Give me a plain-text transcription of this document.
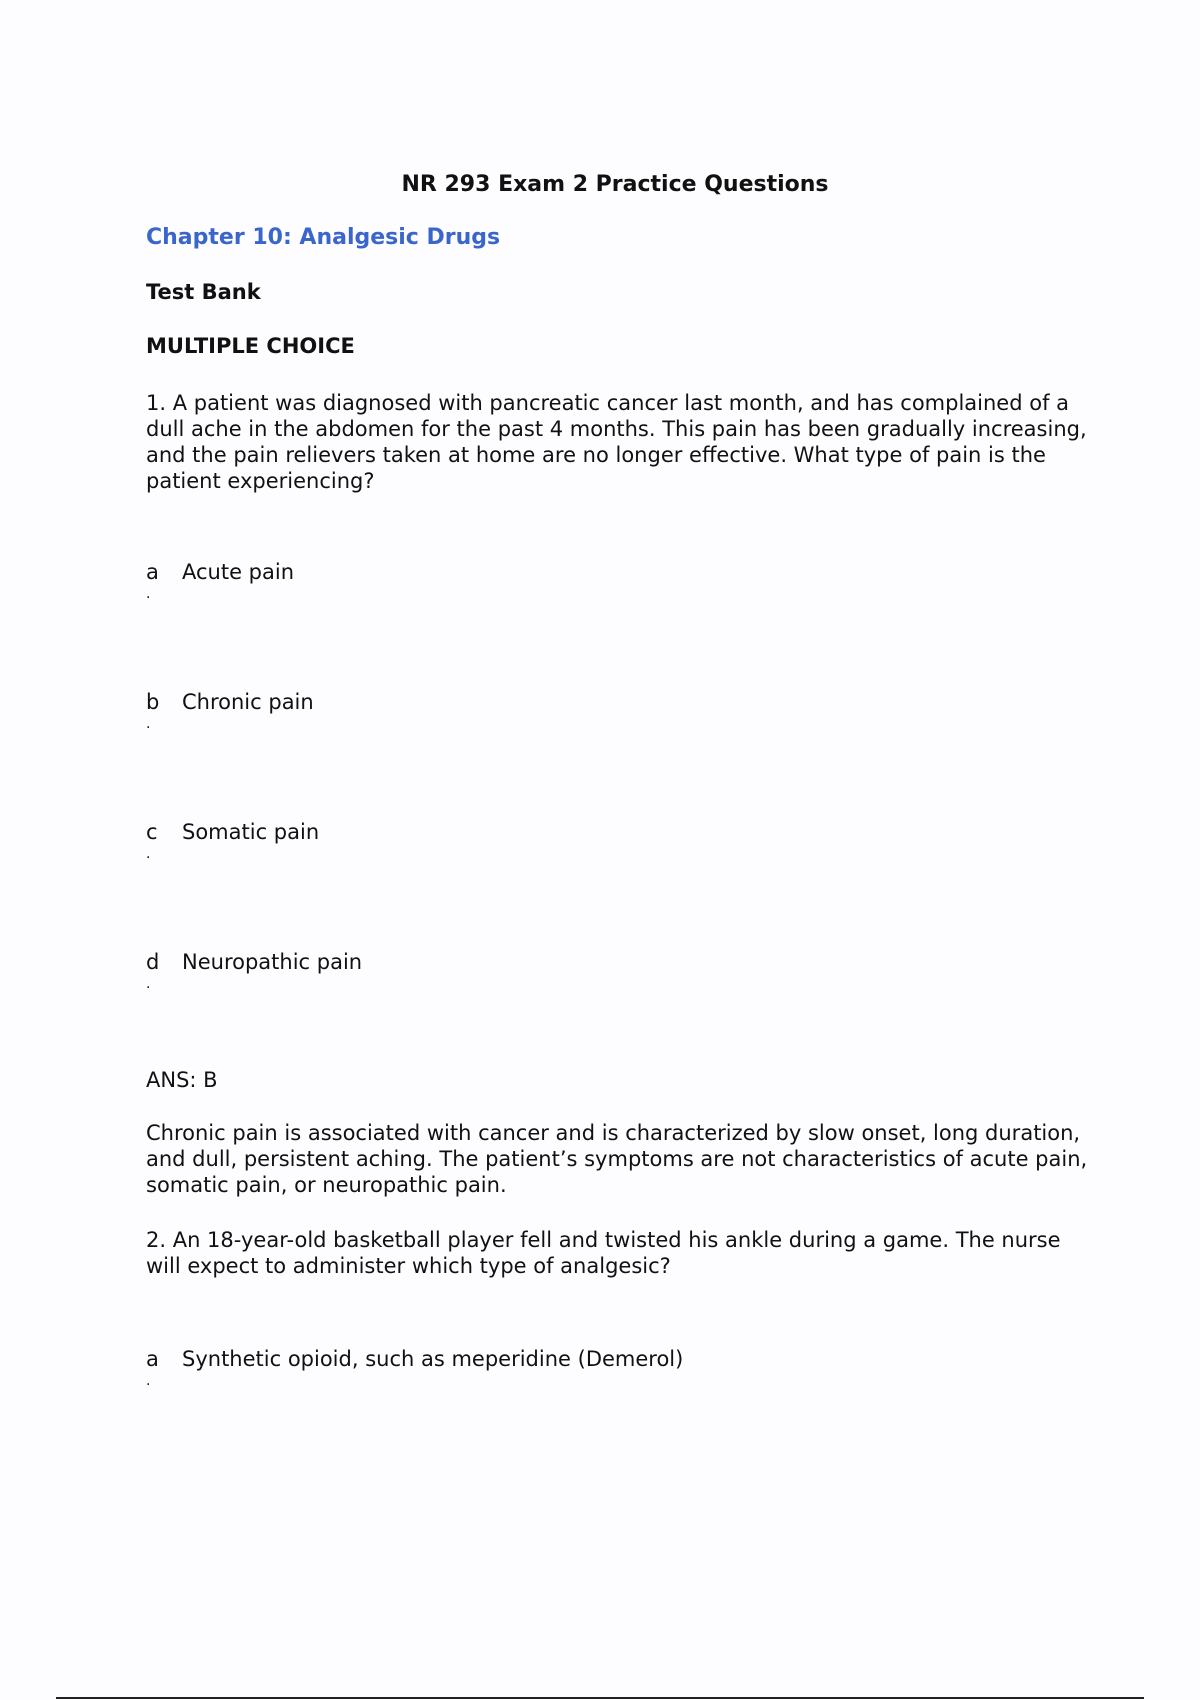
NR 293 Exam 2 Practice Questions
Chapter 10: Analgesic Drugs
Test Bank
MULTIPLE CHOICE

1. A patient was diagnosed with pancreatic cancer last month, and has complained of a dull ache in the abdomen for the past 4 months. This pain has been gradually increasing, and the pain relievers taken at home are no longer effective. What type of pain is the patient experiencing?

a Acute pain
.
b Chronic pain
.
c Somatic pain
.
d Neuropathic pain
.
ANS: B

Chronic pain is associated with cancer and is characterized by slow onset, long duration, and dull, persistent aching. The patient’s symptoms are not characteristics of acute pain, somatic pain, or neuropathic pain.

2. An 18-year-old basketball player fell and twisted his ankle during a game. The nurse will expect to administer which type of analgesic?

a Synthetic opioid, such as meperidine (Demerol)
.
